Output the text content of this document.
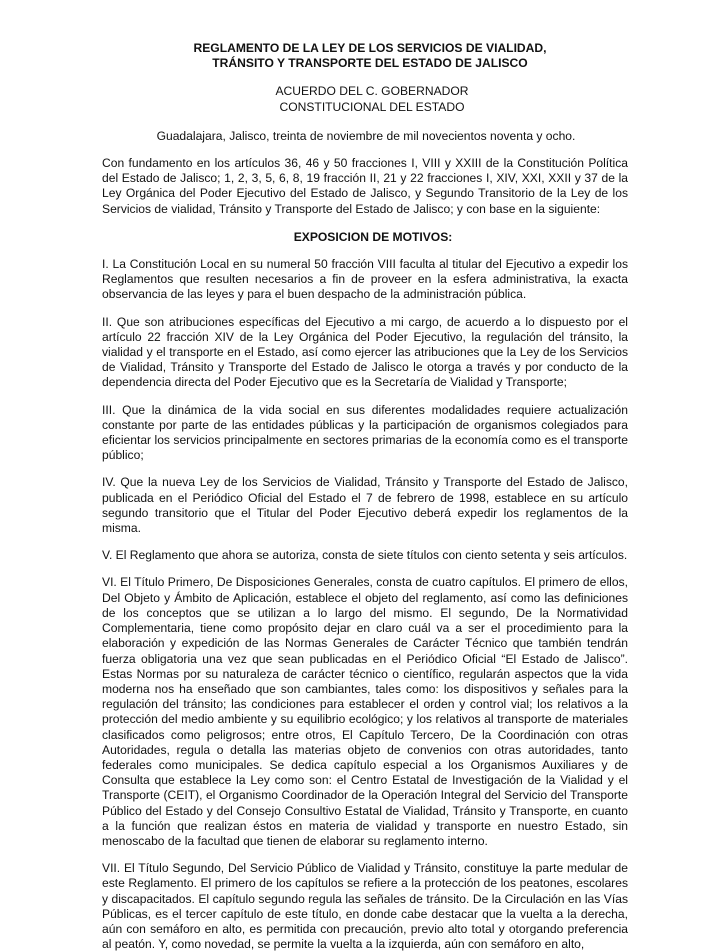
REGLAMENTO DE LA LEY DE LOS SERVICIOS DE VIALIDAD,
TRÁNSITO Y TRANSPORTE DEL ESTADO DE JALISCO
ACUERDO DEL C. GOBERNADOR
CONSTITUCIONAL DEL ESTADO
Guadalajara, Jalisco, treinta de noviembre de mil novecientos noventa y ocho.

Con fundamento en los artículos 36, 46 y 50 fracciones I, VIII y XXIII de la Constitución Política del Estado de Jalisco; 1, 2, 3, 5, 6, 8, 19 fracción II, 21 y 22 fracciones I, XIV, XXI, XXII y 37 de la Ley Orgánica del Poder Ejecutivo del Estado de Jalisco, y Segundo Transitorio de la Ley de los Servicios de vialidad, Tránsito y Transporte del Estado de Jalisco; y con base en la siguiente:

EXPOSICION DE MOTIVOS:

I. La Constitución Local en su numeral 50 fracción VIII faculta al titular del Ejecutivo a expedir los Reglamentos que resulten necesarios a fin de proveer en la esfera administrativa, la exacta observancia de las leyes y para el buen despacho de la administración pública.

II. Que son atribuciones específicas del Ejecutivo a mi cargo, de acuerdo a lo dispuesto por el artículo 22 fracción XIV de la Ley Orgánica del Poder Ejecutivo, la regulación del tránsito, la vialidad y el transporte en el Estado, así como ejercer las atribuciones que la Ley de los Servicios de Vialidad, Tránsito y Transporte del Estado de Jalisco le otorga a través y por conducto de la dependencia directa del Poder Ejecutivo que es la Secretaría de Vialidad y Transporte;

III. Que la dinámica de la vida social en sus diferentes modalidades requiere actualización constante por parte de las entidades públicas y la participación de organismos colegiados para eficientar los servicios principalmente en sectores primarias de la economía como es el transporte público;

IV. Que la nueva Ley de los Servicios de Vialidad, Tránsito y Transporte del Estado de Jalisco, publicada en el Periódico Oficial del Estado el 7 de febrero de 1998, establece en su artículo segundo transitorio que el Titular del Poder Ejecutivo deberá expedir los reglamentos de la misma.

V. El Reglamento que ahora se autoriza, consta de siete títulos con ciento setenta y seis artículos.

VI. El Título Primero, De Disposiciones Generales, consta de cuatro capítulos. El primero de ellos, Del Objeto y Ámbito de Aplicación, establece el objeto del reglamento, así como las definiciones de los conceptos que se utilizan a lo largo del mismo. El segundo, De la Normatividad Complementaria, tiene como propósito dejar en claro cuál va a ser el procedimiento para la elaboración y expedición de las Normas Generales de Carácter Técnico que también tendrán fuerza obligatoria una vez que sean publicadas en el Periódico Oficial “El Estado de Jalisco”. Estas Normas por su naturaleza de carácter técnico o científico, regularán aspectos que la vida moderna nos ha enseñado que son cambiantes, tales como: los dispositivos y señales para la regulación del tránsito; las condiciones para establecer el orden y control vial; los relativos a la protección del medio ambiente y su equilibrio ecológico; y los relativos al transporte de materiales clasificados como peligrosos; entre otros, El Capítulo Tercero, De la Coordinación con otras Autoridades, regula o detalla las materias objeto de convenios con otras autoridades, tanto federales como municipales. Se dedica capítulo especial a los Organismos Auxiliares y de Consulta que establece la Ley como son: el Centro Estatal de Investigación de la Vialidad y el Transporte (CEIT), el Organismo Coordinador de la Operación Integral del Servicio del Transporte Público del Estado y del Consejo Consultivo Estatal de Vialidad, Tránsito y Transporte, en cuanto a la función que realizan éstos en materia de vialidad y transporte en nuestro Estado, sin menoscabo de la facultad que tienen de elaborar su reglamento interno.

VII. El Título Segundo, Del Servicio Público de Vialidad y Tránsito, constituye la parte medular de este Reglamento. El primero de los capítulos se refiere a la protección de los peatones, escolares y discapacitados. El capítulo segundo regula las señales de tránsito. De la Circulación en las Vías Públicas, es el tercer capítulo de este título, en donde cabe destacar que la vuelta a la derecha, aún con semáforo en alto, es permitida con precaución, previo alto total y otorgando preferencia al peatón. Y, como novedad, se permite la vuelta a la izquierda, aún con semáforo en alto,
